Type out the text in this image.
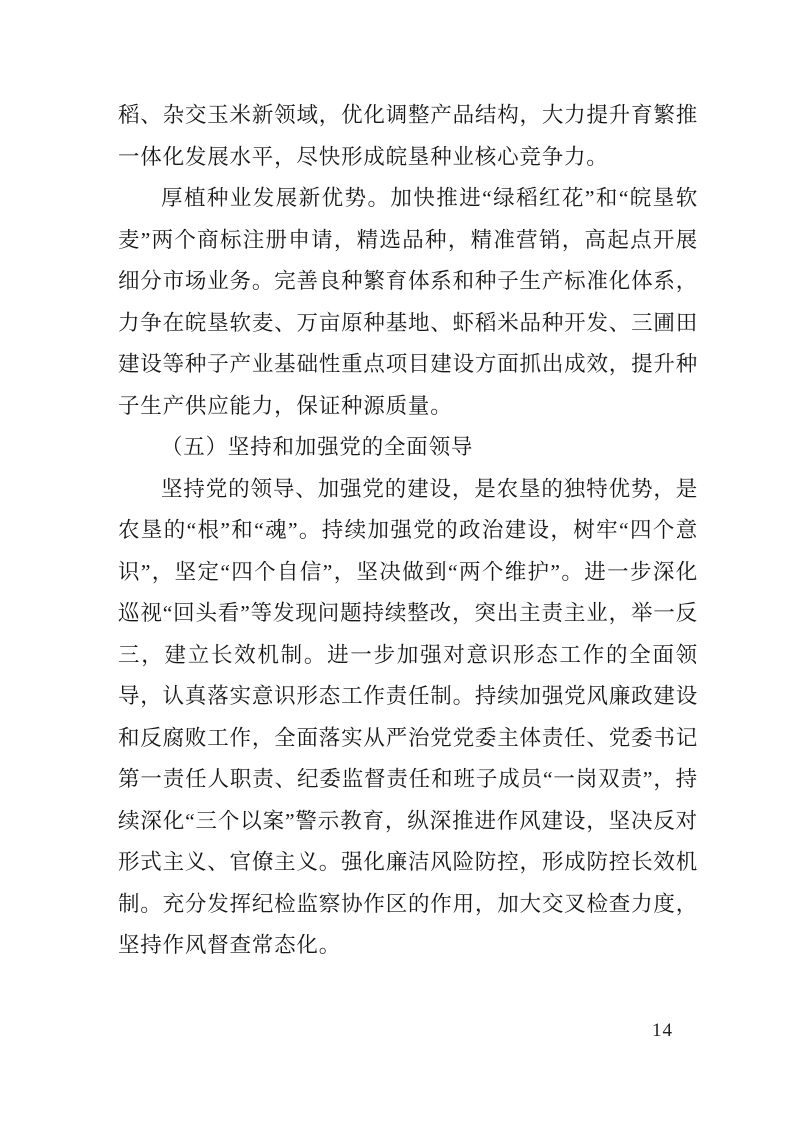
稻、杂交玉米新领域，优化调整产品结构，大力提升育繁推一体化发展水平，尽快形成皖垦种业核心竞争力。

厚植种业发展新优势。加快推进“绿稻红花”和“皖垦软麦”两个商标注册申请，精选品种，精准营销，高起点开展细分市场业务。完善良种繁育体系和种子生产标准化体系，力争在皖垦软麦、万亩原种基地、虾稻米品种开发、三圃田建设等种子产业基础性重点项目建设方面抓出成效，提升种子生产供应能力，保证种源质量。

（五）坚持和加强党的全面领导

坚持党的领导、加强党的建设，是农垦的独特优势，是农垦的“根”和“魂”。持续加强党的政治建设，树牢“四个意识”，坚定“四个自信”，坚决做到“两个维护”。进一步深化巡视“回头看”等发现问题持续整改，突出主责主业，举一反三，建立长效机制。进一步加强对意识形态工作的全面领导，认真落实意识形态工作责任制。持续加强党风廉政建设和反腐败工作，全面落实从严治党党委主体责任、党委书记第一责任人职责、纪委监督责任和班子成员“一岗双责”，持续深化“三个以案”警示教育，纵深推进作风建设，坚决反对形式主义、官僚主义。强化廉洁风险防控，形成防控长效机制。充分发挥纪检监察协作区的作用，加大交叉检查力度，坚持作风督查常态化。

14
